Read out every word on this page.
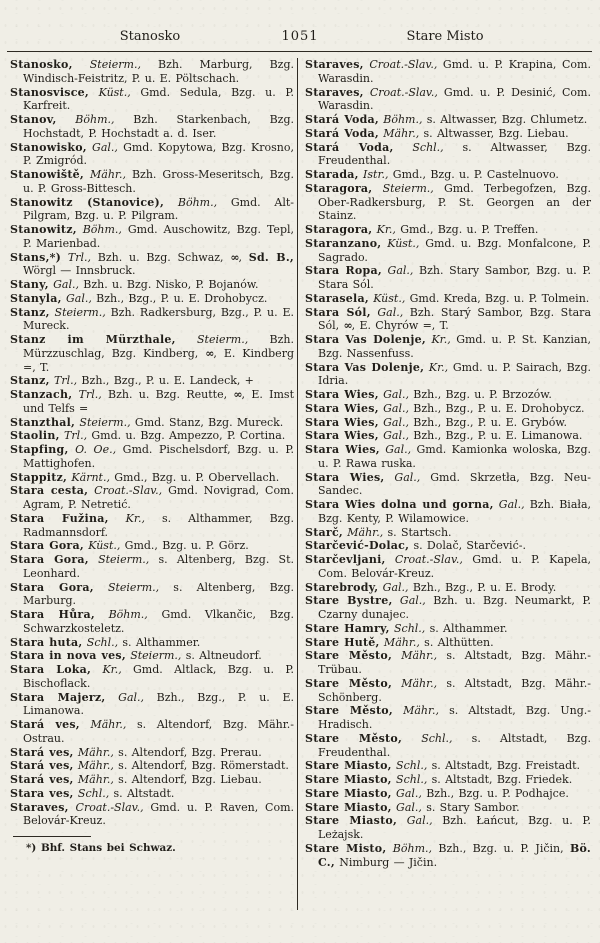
Stanosko	1051	Stare Misto

Stanosko, Steierm., Bzh. Marburg, Bzg. Windisch-Feistritz, P. u. E. Pöltschach.

Stanosvisce, Küst., Gmd. Sedula, Bzg. u. P. Karfreit.

Stanov, Böhm., Bzh. Starkenbach, Bzg. Hochstadt, P. Hochstadt a. d. Iser.

Stanowisko, Gal., Gmd. Kopytowa, Bzg. Krosno, P. Zmigród.

Stanowiště, Mähr., Bzh. Gross-Meseritsch, Bzg. u. P. Gross-Bittesch.

Stanowitz (Stanovice), Böhm., Gmd. Alt-Pilgram, Bzg. u. P. Pilgram.

Stanowitz, Böhm., Gmd. Auschowitz, Bzg. Tepl, P. Marienbad.

Stans,*) Trl., Bzh. u. Bzg. Schwaz, ∞, Sd. B., Wörgl — Innsbruck.

Stany, Gal., Bzh. u. Bzg. Nisko, P. Bojanów.

Stanyla, Gal., Bzh., Bzg., P. u. E. Drohobycz.

Stanz, Steierm., Bzh. Radkersburg, Bzg., P. u. E. Mureck.

Stanz im Mürzthale, Steierm., Bzh. Mürzzuschlag, Bzg. Kindberg, ∞, E. Kindberg =, T.

Stanz, Trl., Bzh., Bzg., P. u. E. Landeck, +

Stanzach, Trl., Bzh. u. Bzg. Reutte, ∞, E. Imst und Telfs =

Stanzthal, Steierm., Gmd. Stanz, Bzg. Mureck.

Staolin, Trl., Gmd. u. Bzg. Ampezzo, P. Cortina.

Stapfing, O. Oe., Gmd. Pischelsdorf, Bzg. u. P. Mattighofen.

Stappitz, Kärnt., Gmd., Bzg. u. P. Obervellach.

Stara cesta, Croat.-Slav., Gmd. Novigrad, Com. Agram, P. Netretić.

Stara Fužina, Kr., s. Althammer, Bzg. Radmannsdorf.

Stara Gora, Küst., Gmd., Bzg. u. P. Görz.

Stara Gora, Steierm., s. Altenberg, Bzg. St. Leonhard.

Stara Gora, Steierm., s. Altenberg, Bzg. Marburg.

Stara Hůra, Böhm., Gmd. Vlkančic, Bzg. Schwarzkosteletz.

Stara huta, Schl., s. Althammer.

Stara in nova ves, Steierm., s. Altneudorf.

Stara Loka, Kr., Gmd. Altlack, Bzg. u. P. Bischoflack.

Stara Majerz, Gal., Bzh., Bzg., P. u. E. Limanowa.

Stará ves, Mähr., s. Altendorf, Bzg. Mähr.-Ostrau.

Stará ves, Mähr., s. Altendorf, Bzg. Prerau.

Stará ves, Mähr., s. Altendorf, Bzg. Römerstadt.

Stará ves, Mähr., s. Altendorf, Bzg. Liebau.

Stara ves, Schl., s. Altstadt.

Staraves, Croat.-Slav., Gmd. u. P. Raven, Com. Belovár-Kreuz.

*) Bhf. Stans bei Schwaz.

Staraves, Croat.-Slav., Gmd. u. P. Krapina, Com. Warasdin.

Staraves, Croat.-Slav., Gmd. u. P. Desinić, Com. Warasdin.

Stará Voda, Böhm., s. Altwasser, Bzg. Chlumetz.

Stará Voda, Mähr., s. Altwasser, Bzg. Liebau.

Stará Voda, Schl., s. Altwasser, Bzg. Freudenthal.

Starada, Istr., Gmd., Bzg. u. P. Castelnuovo.

Staragora, Steierm., Gmd. Terbegofzen, Bzg. Ober-Radkersburg, P. St. Georgen an der Stainz.

Staragora, Kr., Gmd., Bzg. u. P. Treffen.

Staranzano, Küst., Gmd. u. Bzg. Monfalcone, P. Sagrado.

Stara Ropa, Gal., Bzh. Stary Sambor, Bzg. u. P. Stara Sól.

Starasela, Küst., Gmd. Kreda, Bzg. u. P. Tolmein.

Stara Sól, Gal., Bzh. Starý Sambor, Bzg. Stara Sól, ∞, E. Chyrów =, T.

Stara Vas Dolenje, Kr., Gmd. u. P. St. Kanzian, Bzg. Nassenfuss.

Stara Vas Dolenje, Kr., Gmd. u. P. Sairach, Bzg. Idria.

Stara Wies, Gal., Bzh., Bzg. u. P. Brzozów.

Stara Wies, Gal., Bzh., Bzg., P. u. E. Drohobycz.

Stara Wies, Gal., Bzh., Bzg., P. u. E. Grybów.

Stara Wies, Gal., Bzh., Bzg., P. u. E. Limanowa.

Stara Wies, Gal., Gmd. Kamionka woloska, Bzg. u. P. Rawa ruska.

Stara Wies, Gal., Gmd. Skrzetła, Bzg. Neu-Sandec.

Stara Wies dolna und gorna, Gal., Bzh. Biała, Bzg. Kenty, P. Wilamowice.

Starč, Mähr., s. Startsch.

Starčević-Dolac, s. Dolač, Starčević-.

Starčevljani, Croat.-Slav., Gmd. u. P. Kapela, Com. Belovár-Kreuz.

Starebrody, Gal., Bzh., Bzg., P. u. E. Brody.

Stare Bystre, Gal., Bzh. u. Bzg. Neumarkt, P. Czarny dunajec.

Stare Hamry, Schl., s. Althammer.

Stare Hutě, Mähr., s. Althütten.

Stare Město, Mähr., s. Altstadt, Bzg. Mähr.-Trübau.

Stare Město, Mähr., s. Altstadt, Bzg. Mähr.-Schönberg.

Stare Město, Mähr., s. Altstadt, Bzg. Ung.-Hradisch.

Stare Město, Schl., s. Altstadt, Bzg. Freudenthal.

Stare Miasto, Schl., s. Altstadt, Bzg. Freistadt.

Stare Miasto, Schl., s. Altstadt, Bzg. Friedek.

Stare Miasto, Gal., Bzh., Bzg. u. P. Podhajce.

Stare Miasto, Gal., s. Stary Sambor.

Stare Miasto, Gal., Bzh. Łańcut, Bzg. u. P. Leżajsk.

Stare Misto, Böhm., Bzh., Bzg. u. P. Jičin, Bö. C., Nimburg — Jičin.
